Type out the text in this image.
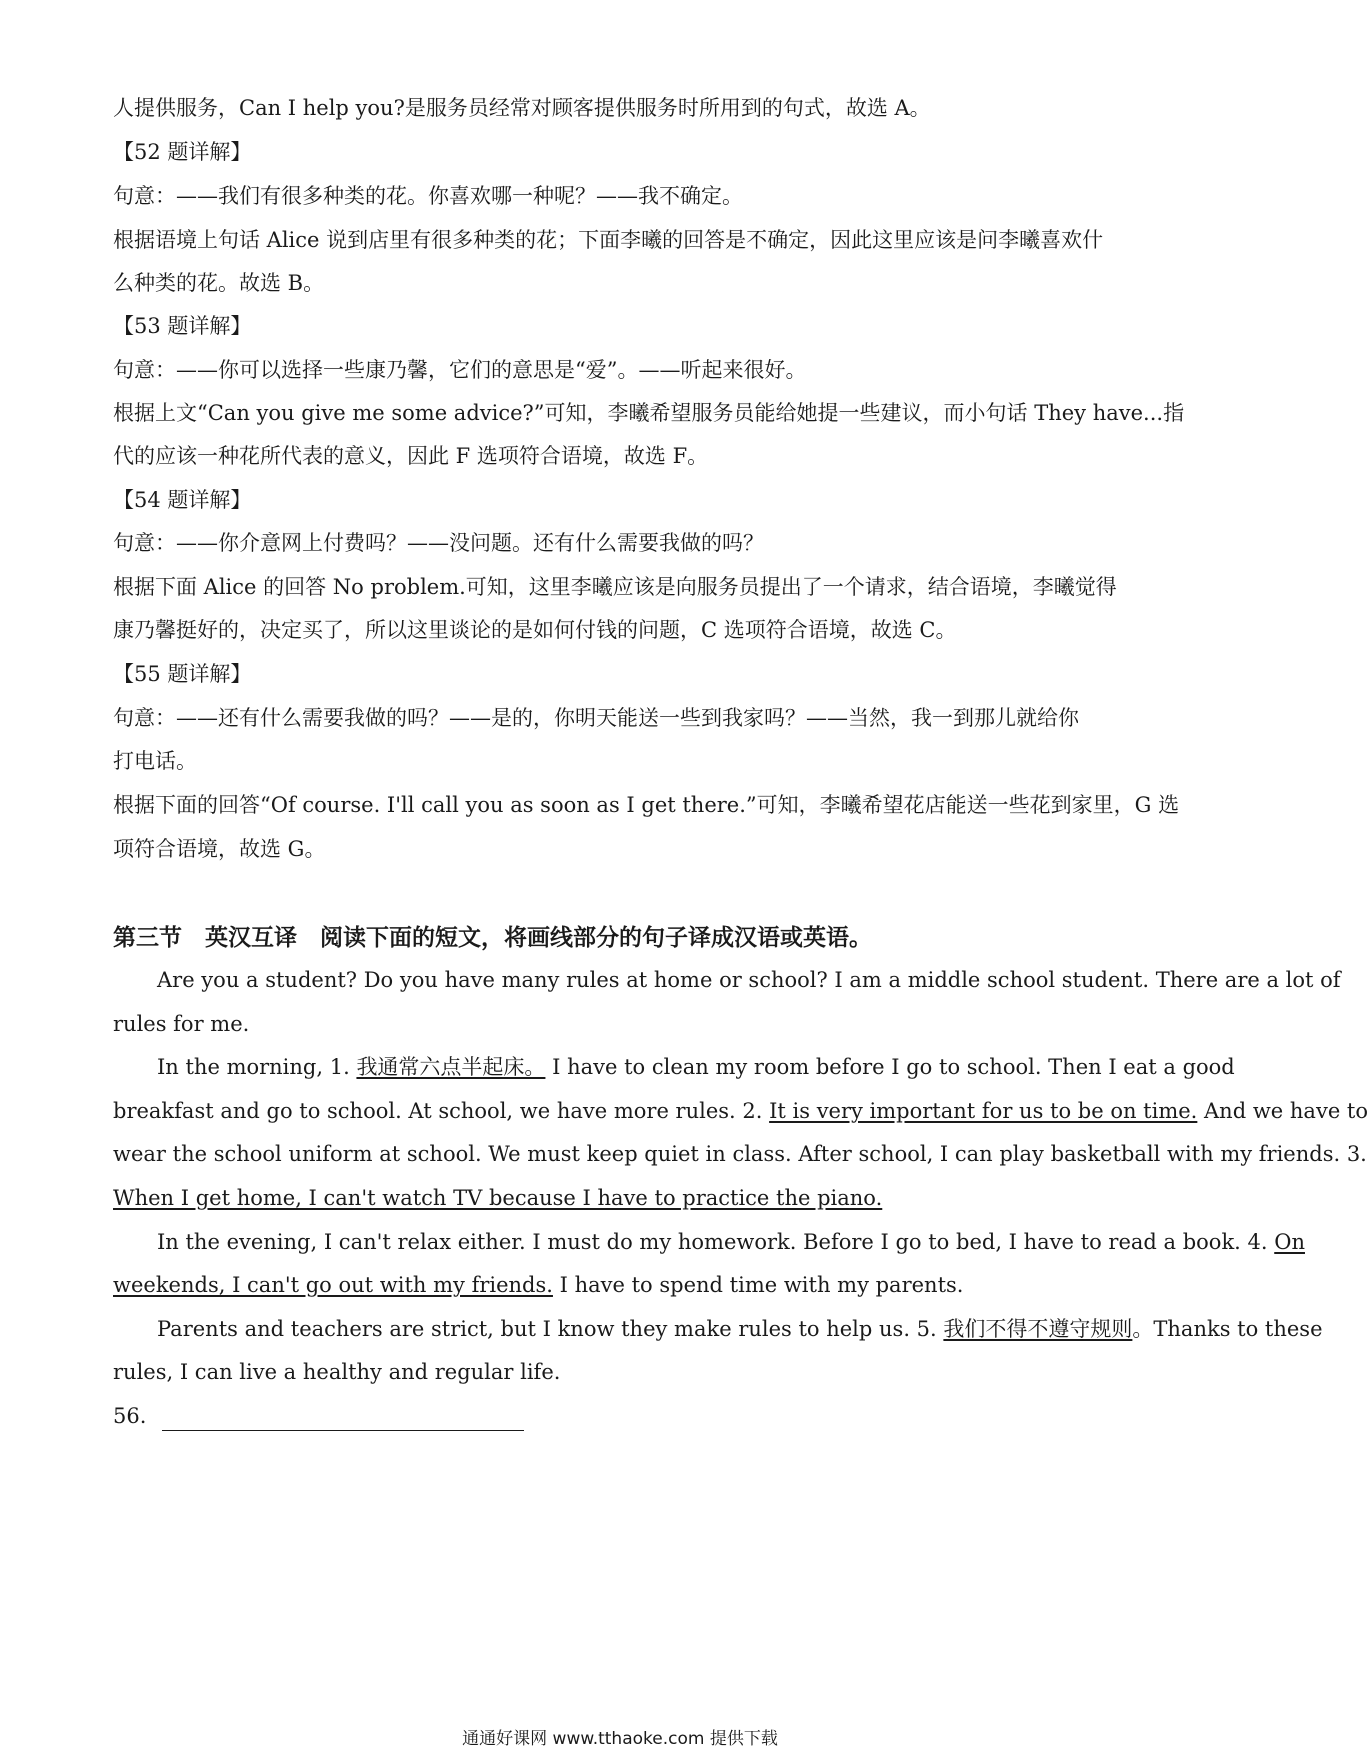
人提供服务，Can I help you?是服务员经常对顾客提供服务时所用到的句式，故选 A。
【52 题详解】
句意：——我们有很多种类的花。你喜欢哪一种呢？——我不确定。
根据语境上句话 Alice 说到店里有很多种类的花；下面李曦的回答是不确定，因此这里应该是问李曦喜欢什
么种类的花。故选 B。
【53 题详解】
句意：——你可以选择一些康乃馨，它们的意思是“爱”。——听起来很好。
根据上文“Can you give me some advice?”可知，李曦希望服务员能给她提一些建议，而小句话 They have...指
代的应该一种花所代表的意义，因此 F 选项符合语境，故选 F。
【54 题详解】
句意：——你介意网上付费吗？——没问题。还有什么需要我做的吗？
根据下面 Alice 的回答 No problem.可知，这里李曦应该是向服务员提出了一个请求，结合语境，李曦觉得
康乃馨挺好的，决定买了，所以这里谈论的是如何付钱的问题，C 选项符合语境，故选 C。
【55 题详解】
句意：——还有什么需要我做的吗？——是的，你明天能送一些到我家吗？——当然，我一到那儿就给你
打电话。
根据下面的回答“Of course. I'll call you as soon as I get there.”可知，李曦希望花店能送一些花到家里，G 选
项符合语境，故选 G。
第三节　英汉互译　阅读下面的短文，将画线部分的句子译成汉语或英语。
Are you a student? Do you have many rules at home or school? I am a middle school student. There are a lot of
rules for me.
In the morning, 1. 我通常六点半起床。 I have to clean my room before I go to school. Then I eat a good
breakfast and go to school. At school, we have more rules. 2. It is very important for us to be on time. And we have to
wear the school uniform at school. We must keep quiet in class. After school, I can play basketball with my friends. 3.
When I get home, I can't watch TV because I have to practice the piano.
In the evening, I can't relax either. I must do my homework. Before I go to bed, I have to read a book. 4. On
weekends, I can't go out with my friends. I have to spend time with my parents.
Parents and teachers are strict, but I know they make rules to help us. 5. 我们不得不遵守规则。Thanks to these
rules, I can live a healthy and regular life.
56.
通通好课网 www.tthaoke.com 提供下载
